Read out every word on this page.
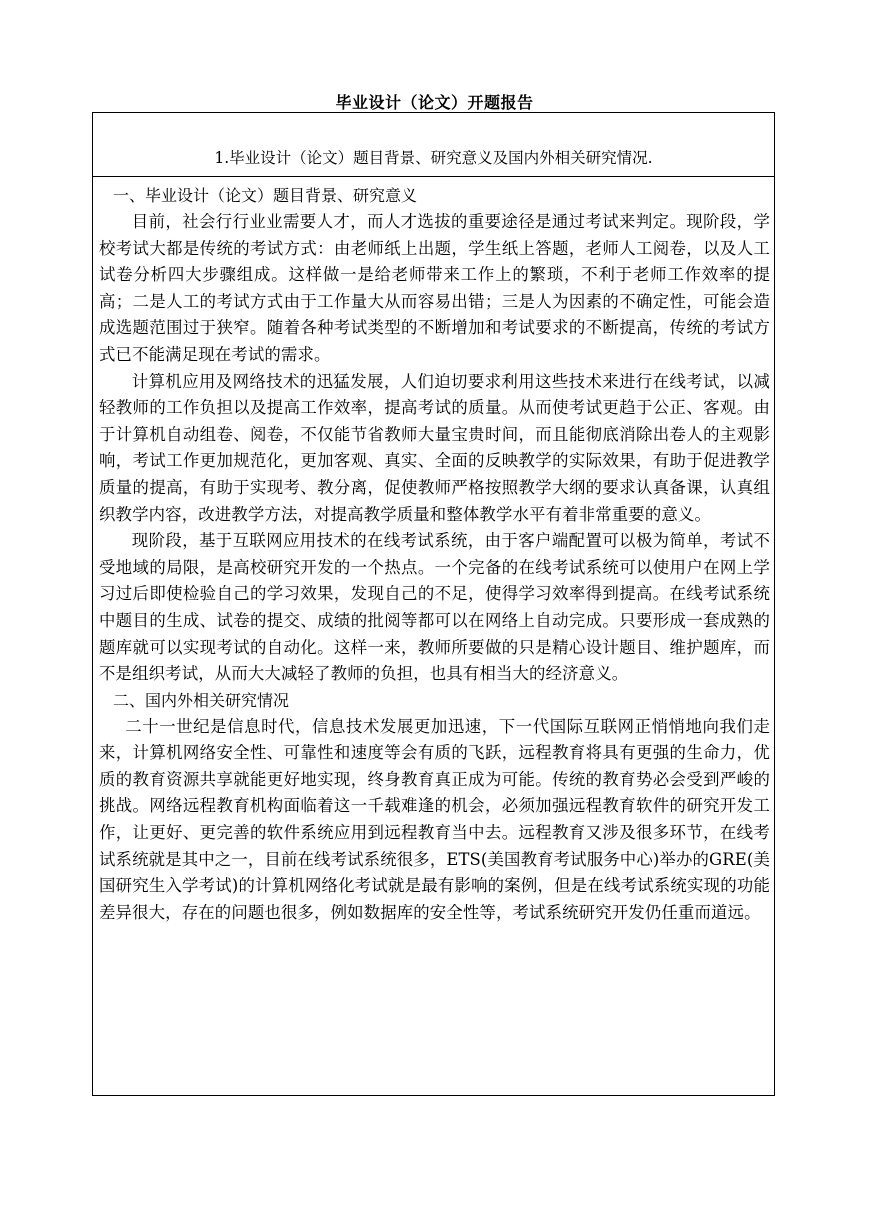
毕业设计（论文）开题报告
1.毕业设计（论文）题目背景、研究意义及国内外相关研究情况.

一、毕业设计（论文）题目背景、研究意义

目前，社会行行业业需要人才，而人才选拔的重要途径是通过考试来判定。现阶段，学校考试大都是传统的考试方式：由老师纸上出题，学生纸上答题，老师人工阅卷，以及人工试卷分析四大步骤组成。这样做一是给老师带来工作上的繁琐，不利于老师工作效率的提高；二是人工的考试方式由于工作量大从而容易出错；三是人为因素的不确定性，可能会造成选题范围过于狭窄。随着各种考试类型的不断增加和考试要求的不断提高，传统的考试方式已不能满足现在考试的需求。

计算机应用及网络技术的迅猛发展，人们迫切要求利用这些技术来进行在线考试，以减轻教师的工作负担以及提高工作效率，提高考试的质量。从而使考试更趋于公正、客观。由于计算机自动组卷、阅卷，不仅能节省教师大量宝贵时间，而且能彻底消除出卷人的主观影响，考试工作更加规范化，更加客观、真实、全面的反映教学的实际效果，有助于促进教学质量的提高，有助于实现考、教分离，促使教师严格按照教学大纲的要求认真备课，认真组织教学内容，改进教学方法，对提高教学质量和整体教学水平有着非常重要的意义。

现阶段，基于互联网应用技术的在线考试系统，由于客户端配置可以极为简单，考试不受地域的局限，是高校研究开发的一个热点。一个完备的在线考试系统可以使用户在网上学习过后即使检验自己的学习效果，发现自己的不足，使得学习效率得到提高。在线考试系统中题目的生成、试卷的提交、成绩的批阅等都可以在网络上自动完成。只要形成一套成熟的题库就可以实现考试的自动化。这样一来，教师所要做的只是精心设计题目、维护题库，而不是组织考试，从而大大减轻了教师的负担，也具有相当大的经济意义。

二、国内外相关研究情况

二十一世纪是信息时代，信息技术发展更加迅速，下一代国际互联网正悄悄地向我们走来，计算机网络安全性、可靠性和速度等会有质的飞跃，远程教育将具有更强的生命力，优质的教育资源共享就能更好地实现，终身教育真正成为可能。传统的教育势必会受到严峻的挑战。网络远程教育机构面临着这一千载难逢的机会，必须加强远程教育软件的研究开发工作，让更好、更完善的软件系统应用到远程教育当中去。远程教育又涉及很多环节，在线考试系统就是其中之一，目前在线考试系统很多，ETS(美国教育考试服务中心)举办的GRE(美国研究生入学考试)的计算机网络化考试就是最有影响的案例，但是在线考试系统实现的功能差异很大，存在的问题也很多，例如数据库的安全性等，考试系统研究开发仍任重而道远。
